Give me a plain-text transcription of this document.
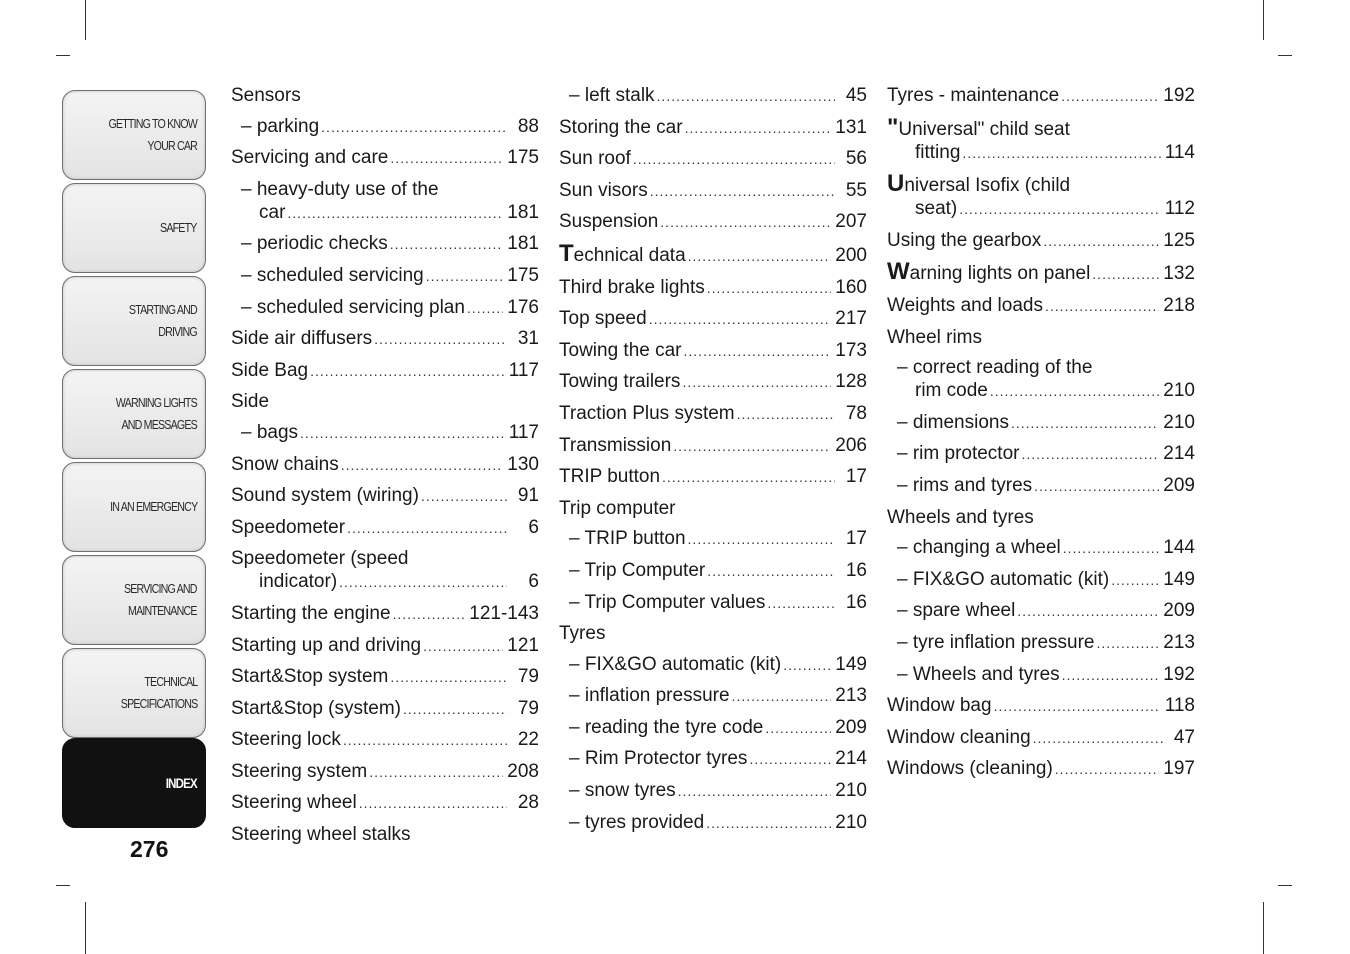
GETTING TO KNOW
YOUR CAR
SAFETY
STARTING AND
DRIVING
WARNING LIGHTS
AND MESSAGES
IN AN EMERGENCY
SERVICING AND
MAINTENANCE
TECHNICAL
SPECIFICATIONS
INDEX
276
Sensors
– parking .....	88
Servicing and care .....	175
– heavy-duty use of the
car .....	181
– periodic checks .....	181
– scheduled servicing .....	175
– scheduled servicing plan ..... 176
Side air diffusers .....	31
Side Bag .....	117
Side
– bags .....	117
Snow chains .....	130
Sound system (wiring) .....	91
Speedometer .....	6
Speedometer (speed
indicator) .....	6
Starting the engine .....	121-143
Starting up and driving .....	121
Start&Stop system .....	79
Start&Stop (system) .....	79
Steering lock .....	22
Steering system .....	208
Steering wheel .....	28
Steering wheel stalks
– left stalk .....	45
Storing the car .....	131
Sun roof .....	56
Sun visors .....	55
Suspension .....	207
T echnical data .....	200
Third brake lights .....	160
Top speed .....	217
Towing the car .....	173
Towing trailers .....	128
Traction Plus system .....	78
Transmission .....	206
TRIP button .....	17
Trip computer
– TRIP button .....	17
– Trip Computer .....	16
– Trip Computer values .....	16
Tyres
– FIX&GO automatic (kit) .....	149
– inflation pressure .....	213
– reading the tyre code .....	209
– Rim Protector tyres .....	214
– snow tyres .....	210
– tyres provided .....	210
Tyres - maintenance .....	192
"Universal" child seat
fitting .....	114
Universal Isofix (child
seat) .....	112
Using the gearbox .....	125
W arning lights on panel .....	132
Weights and loads .....	218
Wheel rims
– correct reading of the
rim code .....	210
– dimensions .....	210
– rim protector .....	214
– rims and tyres .....	209
Wheels and tyres
– changing a wheel .....	144
– FIX&GO automatic (kit) .....	149
– spare wheel .....	209
– tyre inflation pressure .....	213
– Wheels and tyres .....	192
Window bag .....	118
Window cleaning .....	47
Windows (cleaning) .....	197
